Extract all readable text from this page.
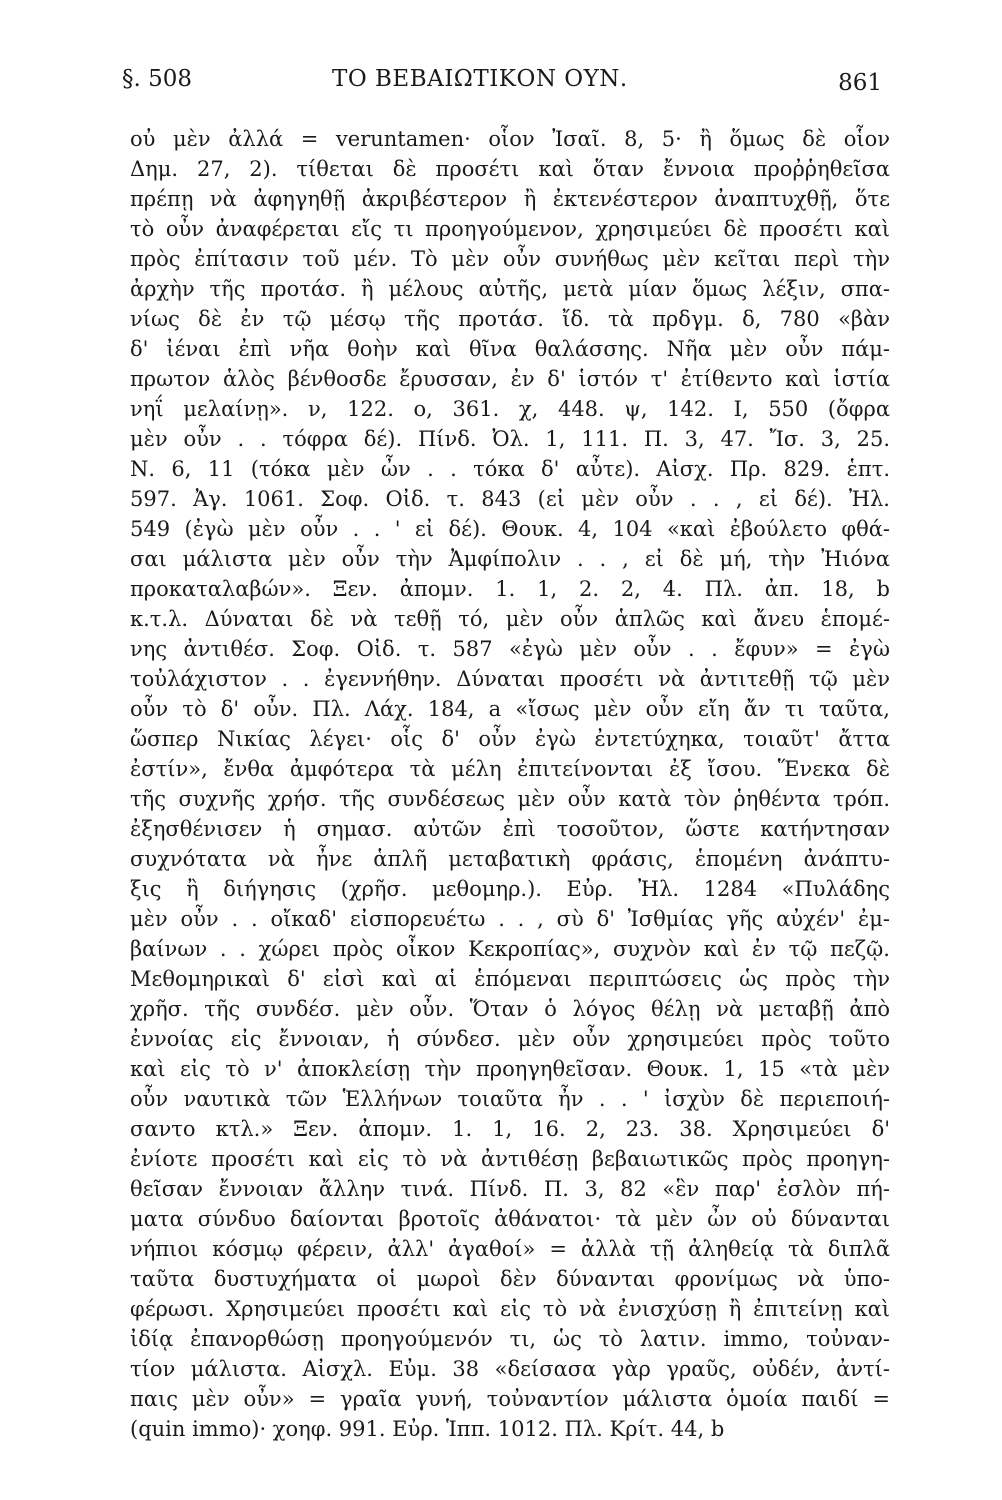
§. 508	ΤΟ ΒΕΒΑΙΩΤΙΚΟΝ ΟΥΝ.	861
οὐ μὲν ἀλλά = veruntamen· οἷον Ἰσαῖ. 8, 5· ἢ ὅμως δὲ οἷον
Δημ. 27, 2). τίθεται δὲ προσέτι καὶ ὅταν ἔννοια προῤῥηθεῖσα
πρέπῃ νὰ ἀφηγηθῇ ἀκριβέστερον ἢ ἐκτενέστερον ἀναπτυχθῇ, ὅτε
τὸ οὖν ἀναφέρεται εἴς τι προηγούμενον, χρησιμεύει δὲ προσέτι καὶ
πρὸς ἐπίτασιν τοῦ μέν. Τὸ μὲν οὖν συνήθως μὲν κεῖται περὶ τὴν
ἀρχὴν τῆς προτάσ. ἢ μέλους αὐτῆς, μετὰ μίαν ὅμως λέξιν, σπα-
νίως δὲ ἐν τῷ μέσῳ τῆς προτάσ. ἴδ. τὰ πρδγμ. δ, 780 «βὰν
δ' ἰέναι ἐπὶ νῆα θοὴν καὶ θῖνα θαλάσσης. Νῆα μὲν οὖν πάμ-
πρωτον ἁλὸς βένθοσδε ἔρυσσαν, ἐν δ' ἱστόν τ' ἐτίθεντο καὶ ἱστία
νηΐ μελαίνῃ». ν, 122. ο, 361. χ, 448. ψ, 142. Ι, 550 (ὄφρα
μὲν οὖν . . τόφρα δέ). Πίνδ. Ὀλ. 1, 111. Π. 3, 47. Ἴσ. 3, 25.
Ν. 6, 11 (τόκα μὲν ὦν . . τόκα δ' αὖτε). Αἰσχ. Πρ. 829. ἑπτ.
597. Ἀγ. 1061. Σοφ. Οἰδ. τ. 843 (εἰ μὲν οὖν . . , εἰ δέ). Ἠλ.
549 (ἐγὼ μὲν οὖν . . ' εἰ δέ). Θουκ. 4, 104 «καὶ ἐβούλετο φθά-
σαι μάλιστα μὲν οὖν τὴν Ἀμφίπολιν . . , εἰ δὲ μή, τὴν Ἠιόνα
προκαταλαβών». Ξεν. ἀπομν. 1. 1, 2. 2, 4. Πλ. ἀπ. 18, b
κ.τ.λ. Δύναται δὲ νὰ τεθῇ τό, μὲν οὖν ἁπλῶς καὶ ἄνευ ἑπομέ-
νης ἀντιθέσ. Σοφ. Οἰδ. τ. 587 «ἐγὼ μὲν οὖν . . ἔφυν» = ἐγὼ
τοὐλάχιστον . . ἐγεννήθην. Δύναται προσέτι νὰ ἀντιτεθῇ τῷ μὲν
οὖν τὸ δ' οὖν. Πλ. Λάχ. 184, a «ἴσως μὲν οὖν εἴη ἄν τι ταῦτα,
ὥσπερ Νικίας λέγει· οἷς δ' οὖν ἐγὼ ἐντετύχηκα, τοιαῦτ' ἄττα
ἐστίν», ἔνθα ἀμφότερα τὰ μέλη ἐπιτείνονται ἐξ ἴσου. Ἕνεκα δὲ
τῆς συχνῆς χρήσ. τῆς συνδέσεως μὲν οὖν κατὰ τὸν ῥηθέντα τρόπ.
ἐξησθένισεν ἡ σημασ. αὐτῶν ἐπὶ τοσοῦτον, ὥστε κατήντησαν
συχνότατα νὰ ἦνε ἁπλῆ μεταβατικὴ φράσις, ἑπομένη ἀνάπτυ-
ξις ἢ διήγησις (χρῆσ. μεθομηρ.). Εὐρ. Ἠλ. 1284 «Πυλάδης
μὲν οὖν . . οἴκαδ' εἰσπορευέτω . . , σὺ δ' Ἰσθμίας γῆς αὐχέν' ἐμ-
βαίνων . . χώρει πρὸς οἶκον Κεκροπίας», συχνὸν καὶ ἐν τῷ πεζῷ.
Μεθομηρικαὶ δ' εἰσὶ καὶ αἱ ἑπόμεναι περιπτώσεις ὡς πρὸς τὴν
χρῆσ. τῆς συνδέσ. μὲν οὖν. Ὅταν ὁ λόγος θέλῃ νὰ μεταβῇ ἀπὸ
ἐννοίας εἰς ἔννοιαν, ἡ σύνδεσ. μὲν οὖν χρησιμεύει πρὸς τοῦτο
καὶ εἰς τὸ ν' ἀποκλείσῃ τὴν προηγηθεῖσαν. Θουκ. 1, 15 «τὰ μὲν
οὖν ναυτικὰ τῶν Ἑλλήνων τοιαῦτα ἦν . . ' ἰσχὺν δὲ περιεποιή-
σαντο κτλ.» Ξεν. ἀπομν. 1. 1, 16. 2, 23. 38. Χρησιμεύει δ'
ἐνίοτε προσέτι καὶ εἰς τὸ νὰ ἀντιθέσῃ βεβαιωτικῶς πρὸς προηγη-
θεῖσαν ἔννοιαν ἄλλην τινά. Πίνδ. Π. 3, 82 «ἓν παρ' ἐσλὸν πή-
ματα σύνδυο δαίονται βροτοῖς ἀθάνατοι· τὰ μὲν ὦν οὐ δύνανται
νήπιοι κόσμῳ φέρειν, ἀλλ' ἀγαθοί» = ἀλλὰ τῇ ἀληθείᾳ τὰ διπλᾶ
ταῦτα δυστυχήματα οἱ μωροὶ δὲν δύνανται φρονίμως νὰ ὑπο-
φέρωσι. Χρησιμεύει προσέτι καὶ εἰς τὸ νὰ ἐνισχύσῃ ἢ ἐπιτείνῃ καὶ
ἰδίᾳ ἐπανορθώσῃ προηγούμενόν τι, ὡς τὸ λατιν. immo, τοὐναν-
τίον μάλιστα. Αἰσχλ. Εὐμ. 38 «δείσασα γὰρ γραῦς, οὐδέν, ἀντί-
παις μὲν οὖν» = γραῖα γυνή, τοὐναντίον μάλιστα ὁμοία παιδί =
(quin immo)· χοηφ. 991. Εὐρ. Ἱππ. 1012. Πλ. Κρίτ. 44, b
